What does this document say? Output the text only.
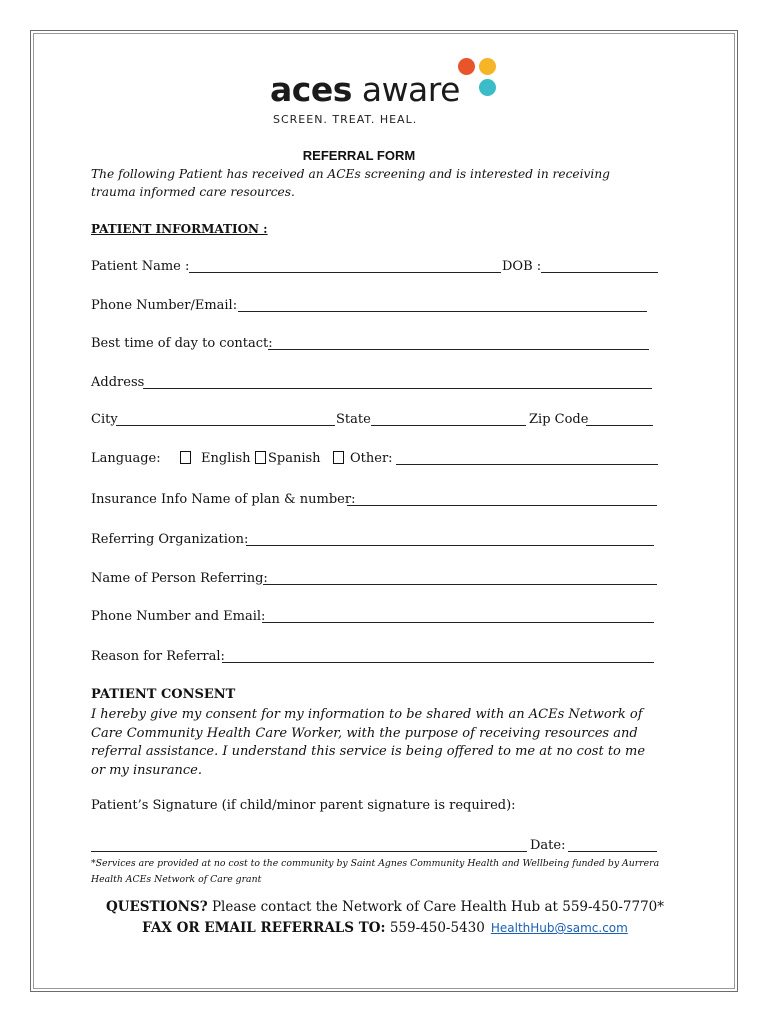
aces aware
SCREEN. TREAT. HEAL.
REFERRAL FORM
The following Patient has received an ACEs screening and is interested in receiving trauma informed care resources.
PATIENT INFORMATION :
Patient Name :	DOB :
Phone Number/Email:
Best time of day to contact:
Address
City	State	Zip Code
Language:	English Spanish Other:
Insurance Info Name of plan & number:
Referring Organization:
Name of Person Referring:
Phone Number and Email:
Reason for Referral:
PATIENT CONSENT
I hereby give my consent for my information to be shared with an ACEs Network of Care Community Health Care Worker, with the purpose of receiving resources and referral assistance. I understand this service is being offered to me at no cost to me or my insurance.
Patient’s Signature (if child/minor parent signature is required):
Date:
*Services are provided at no cost to the community by Saint Agnes Community Health and Wellbeing funded by Aurrera Health ACEs Network of Care grant
QUESTIONS? Please contact the Network of Care Health Hub at 559-450-7770*
FAX OR EMAIL REFERRALS TO: 559-450-5430 HealthHub@samc.com
